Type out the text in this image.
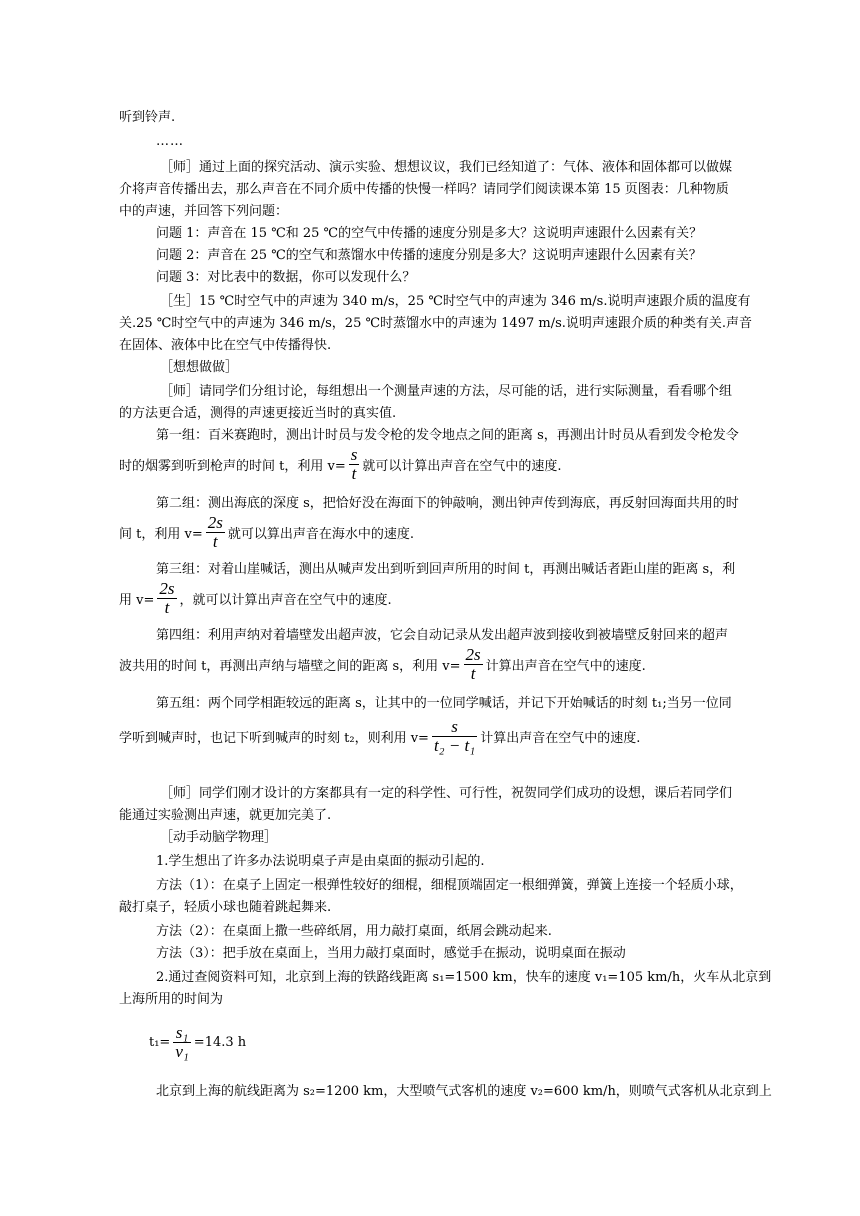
听到铃声.
……
［师］通过上面的探究活动、演示实验、想想议议，我们已经知道了：气体、液体和固体都可以做媒
介将声音传播出去，那么声音在不同介质中传播的快慢一样吗？请同学们阅读课本第 15 页图表：几种物质
中的声速，并回答下列问题：
问题 1：声音在 15 ℃和 25 ℃的空气中传播的速度分别是多大？这说明声速跟什么因素有关？
问题 2：声音在 25 ℃的空气和蒸馏水中传播的速度分别是多大？这说明声速跟什么因素有关？
问题 3：对比表中的数据，你可以发现什么？
［生］15 ℃时空气中的声速为 340 m/s，25 ℃时空气中的声速为 346 m/s.说明声速跟介质的温度有
关.25 ℃时空气中的声速为 346 m/s，25 ℃时蒸馏水中的声速为 1497 m/s.说明声速跟介质的种类有关.声音
在固体、液体中比在空气中传播得快.
［想想做做］
［师］请同学们分组讨论，每组想出一个测量声速的方法，尽可能的话，进行实际测量，看看哪个组
的方法更合适，测得的声速更接近当时的真实值.
第一组：百米赛跑时，测出计时员与发令枪的发令地点之间的距离 s，再测出计时员从看到发令枪发令
时的烟雾到听到枪声的时间 t，利用 $v= \frac{s}{t}$ 就可以计算出声音在空气中的速度.
第二组：测出海底的深度 s，把恰好没在海面下的钟敲响，测出钟声传到海底，再反射回海面共用的时
间 t，利用 $v= \frac{2s}{t}$ 就可以算出声音在海水中的速度.
第三组：对着山崖喊话，测出从喊声发出到听到回声所用的时间 t，再测出喊话者距山崖的距离 s，利
用 $v= \frac{2s}{t}$ ，就可以计算出声音在空气中的速度.
第四组：利用声纳对着墙壁发出超声波，它会自动记录从发出超声波到接收到被墙壁反射回来的超声
波共用的时间 t，再测出声纳与墙壁之间的距离 s，利用 $v= \frac{2s}{t}$ 计算出声音在空气中的速度.
第五组：两个同学相距较远的距离 s，让其中的一位同学喊话，并记下开始喊话的时刻 t₁;当另一位同
学听到喊声时，也记下听到喊声的时刻 t₂，则利用 $v= \frac{s}{\text{t₂ − t₁}}$ 计算出声音在空气中的速度.
［师］同学们刚才设计的方案都具有一定的科学性、可行性，祝贺同学们成功的设想，课后若同学们
能通过实验测出声速，就更加完美了.
［动手动脑学物理］
1.学生想出了许多办法说明桌子声是由桌面的振动引起的.
方法（1）：在桌子上固定一根弹性较好的细棍，细棍顶端固定一根细弹簧，弹簧上连接一个轻质小球，
敲打桌子，轻质小球也随着跳起舞来.
方法（2）：在桌面上撒一些碎纸屑，用力敲打桌面，纸屑会跳动起来.
方法（3）：把手放在桌面上，当用力敲打桌面时，感觉手在振动，说明桌面在振动
2.通过查阅资料可知，北京到上海的铁路线距离 s₁=1500 km，快车的速度 v₁=105 km/h，火车从北京到
上海所用的时间为
$t_1= \frac{\text{s₁}}{\text{v₁}} =14.3$ h
北京到上海的航线距离为 s₂=1200 km，大型喷气式客机的速度 v₂=600 km/h，则喷气式客机从北京到上
